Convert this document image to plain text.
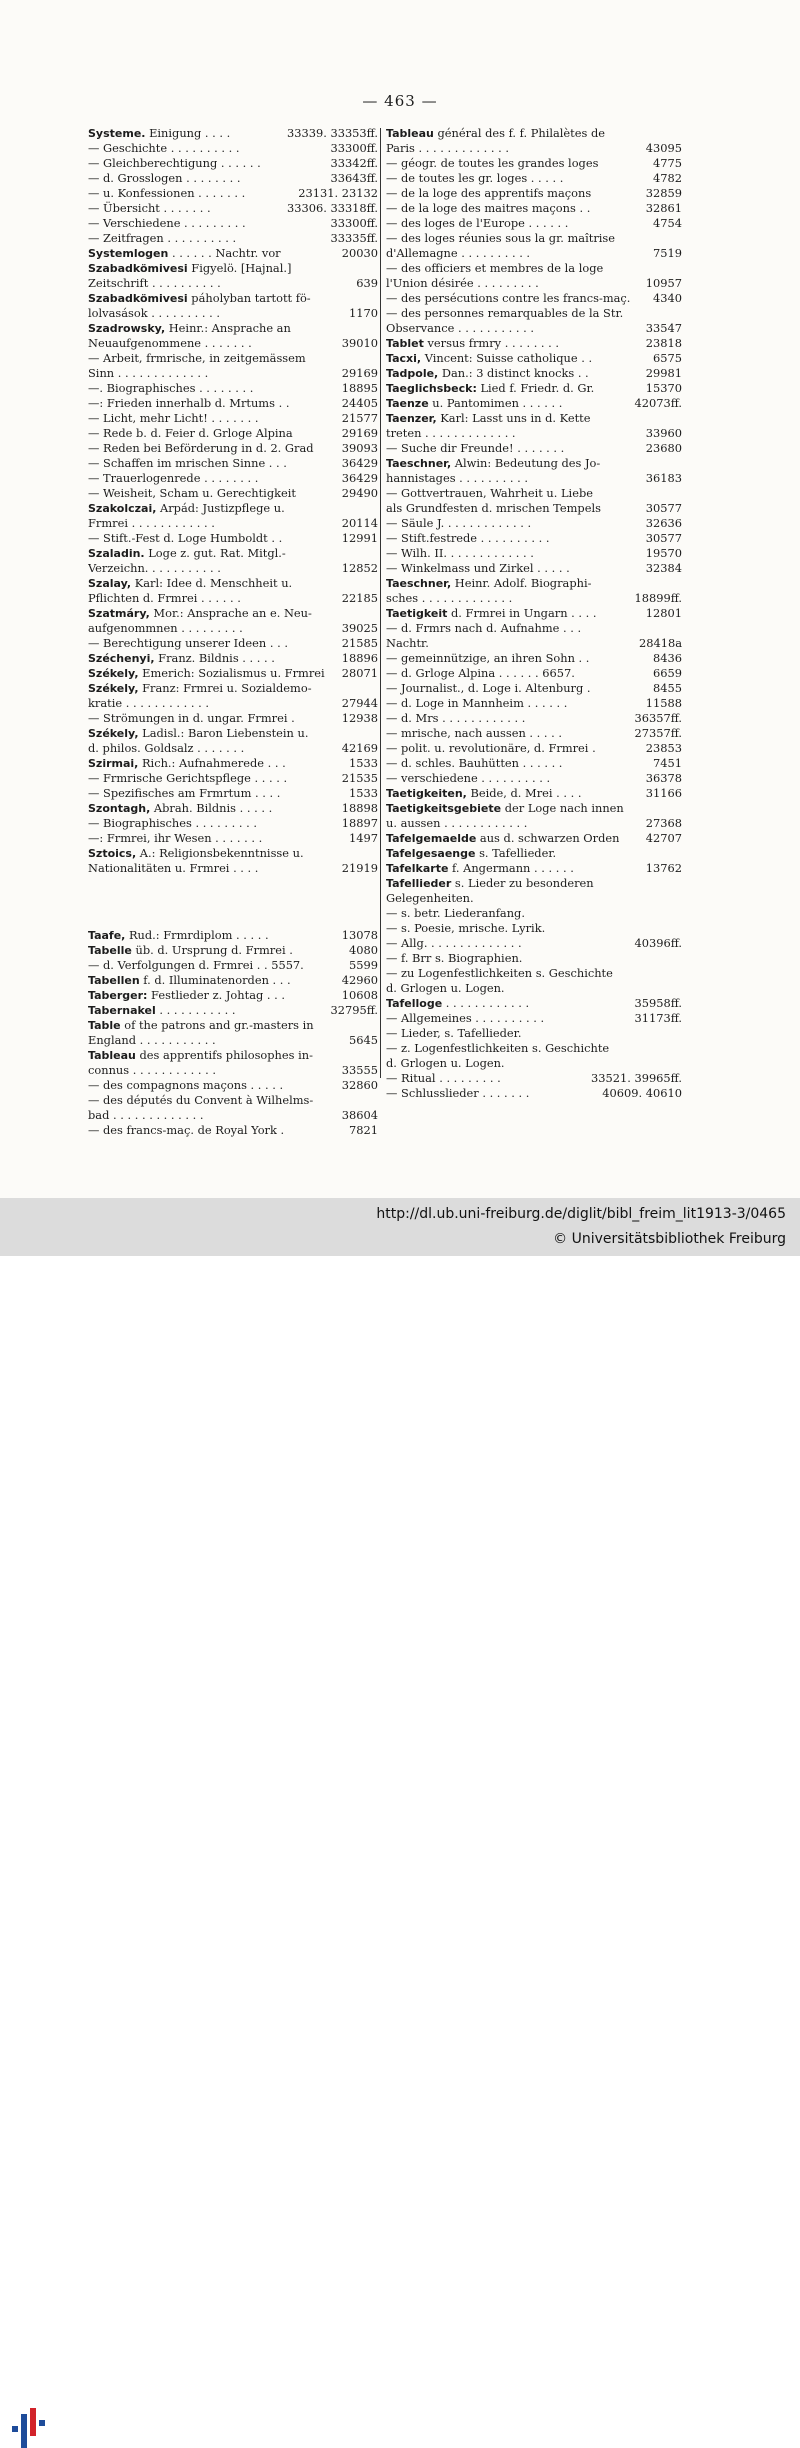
— 463 —
Systeme. Einigung . . . .	33339. 33353ff.
— Geschichte . . . . . . . . . .	33300ff.
— Gleichberechtigung . . . . . .	33342ff.
— d. Grosslogen . . . . . . . .	33643ff.
— u. Konfessionen . . . . . . .	23131. 23132
— Übersicht . . . . . . .	33306. 33318ff.
— Verschiedene . . . . . . . . .	33300ff.
— Zeitfragen . . . . . . . . . .	33335ff.
Systemlogen . . . . . . Nachtr. vor	20030
Szabadkömivesi Figyelö. [Hajnal.]
Zeitschrift . . . . . . . . . .	639
Szabadkömivesi páholyban tartott fö-
lolvasások . . . . . . . . . .	1170
Szadrowsky, Heinr.: Ansprache an
Neuaufgenommene . . . . . . .	39010
— Arbeit, frmrische, in zeitgemässem
Sinn . . . . . . . . . . . . .	29169
—. Biographisches . . . . . . . .	18895
—: Frieden innerhalb d. Mrtums . .	24405
— Licht, mehr Licht! . . . . . . .	21577
— Rede b. d. Feier d. Grloge Alpina	29169
— Reden bei Beförderung in d. 2. Grad 39093
— Schaffen im mrischen Sinne . . .	36429
— Trauerlogenrede . . . . . . . .	36429
— Weisheit, Scham u. Gerechtigkeit	29490
Szakolczai, Arpád: Justizpflege u.
Frmrei . . . . . . . . . . . .	20114
— Stift.-Fest d. Loge Humboldt . .	12991
Szaladin. Loge z. gut. Rat. Mitgl.-
Verzeichn. . . . . . . . . . .	12852
Szalay, Karl: Idee d. Menschheit u.
Pflichten d. Frmrei . . . . . .	22185
Szatmáry, Mor.: Ansprache an e. Neu-
aufgenommnen . . . . . . . . .	39025
— Berechtigung unserer Ideen . . .	21585
Széchenyi, Franz. Bildnis . . . . .	18896
Székely, Emerich: Sozialismus u. Frmrei 28071
Székely, Franz: Frmrei u. Sozialdemo-
kratie . . . . . . . . . . . .	27944
— Strömungen in d. ungar. Frmrei .	12938
Székely, Ladisl.: Baron Liebenstein u.
d. philos. Goldsalz . . . . . . .	42169
Szirmai, Rich.: Aufnahmerede . . .	1533
— Frmrische Gerichtspflege . . . . .	21535
— Spezifisches am Frmrtum . . . .	1533
Szontagh, Abrah. Bildnis . . . . .	18898
— Biographisches . . . . . . . . .	18897
—: Frmrei, ihr Wesen . . . . . . .	1497
Sztoics, A.: Religionsbekenntnisse u.
Nationalitäten u. Frmrei . . . .	21919
Taafe, Rud.: Frmrdiplom . . . . .	13078
Tabelle üb. d. Ursprung d. Frmrei .	4080
— d. Verfolgungen d. Frmrei . . 5557.	5599
Tabellen f. d. Illuminatenorden . . .	42960
Taberger: Festlieder z. Johtag . . .	10608
Tabernakel . . . . . . . . . . .	32795ff.
Table of the patrons and gr.-masters in
England . . . . . . . . . . .	5645
Tableau des apprentifs philosophes in-
connus . . . . . . . . . . . .	33555
— des compagnons maçons . . . . .	32860
— des députés du Convent à Wilhelms-
bad . . . . . . . . . . . . .	38604
— des francs-maç. de Royal York .	7821
Tableau général des f. f. Philalètes de
Paris . . . . . . . . . . . . .	43095
— géogr. de toutes les grandes loges	4775
— de toutes les gr. loges . . . . .	4782
— de la loge des apprentifs maçons	32859
— de la loge des maitres maçons . .	32861
— des loges de l'Europe . . . . . .	4754
— des loges réunies sous la gr. maîtrise
d'Allemagne . . . . . . . . . .	7519
— des officiers et membres de la loge
l'Union désirée . . . . . . . . .	10957
— des persécutions contre les francs-maç. 4340
— des personnes remarquables de la Str.
Observance . . . . . . . . . . .	33547
Tablet versus frmry . . . . . . . .	23818
Tacxi, Vincent: Suisse catholique . .	6575
Tadpole, Dan.: 3 distinct knocks . .	29981
Taeglichsbeck: Lied f. Friedr. d. Gr.	15370
Taenze u. Pantomimen . . . . . .	42073ff.
Taenzer, Karl: Lasst uns in d. Kette
treten . . . . . . . . . . . . .	33960
— Suche dir Freunde! . . . . . . .	23680
Taeschner, Alwin: Bedeutung des Jo-
hannistages . . . . . . . . . .	36183
— Gottvertrauen, Wahrheit u. Liebe
als Grundfesten d. mrischen Tempels	30577
— Säule J. . . . . . . . . . . . .	32636
— Stift.festrede . . . . . . . . . .	30577
— Wilh. II. . . . . . . . . . . . .	19570
— Winkelmass und Zirkel . . . . .	32384
Taeschner, Heinr. Adolf. Biographi-
sches . . . . . . . . . . . . .	18899ff.
Taetigkeit d. Frmrei in Ungarn . . . .	12801
— d. Frmrs nach d. Aufnahme . . .
Nachtr.	28418a
— gemeinnützige, an ihren Sohn . .	8436
— d. Grloge Alpina . . . . . . 6657.	6659
— Journalist., d. Loge i. Altenburg .	8455
— d. Loge in Mannheim . . . . . .	11588
— d. Mrs . . . . . . . . . . . .	36357ff.
— mrische, nach aussen . . . . .	27357ff.
— polit. u. revolutionäre, d. Frmrei .	23853
— d. schles. Bauhütten . . . . . .	7451
— verschiedene . . . . . . . . . .	36378
Taetigkeiten, Beide, d. Mrei . . . .	31166
Taetigkeitsgebiete der Loge nach innen
u. aussen . . . . . . . . . . . .	27368
Tafelgemaelde aus d. schwarzen Orden 42707
Tafelgesaenge s. Tafellieder.
Tafelkarte f. Angermann . . . . . .	13762
Tafellieder s. Lieder zu besonderen
Gelegenheiten.
— s. betr. Liederanfang.
— s. Poesie, mrische. Lyrik.
— Allg. . . . . . . . . . . . . .	40396ff.
— f. Brr s. Biographien.
— zu Logenfestlichkeiten s. Geschichte
d. Grlogen u. Logen.
Tafelloge . . . . . . . . . . . .	35958ff.
— Allgemeines . . . . . . . . . .	31173ff.
— Lieder, s. Tafellieder.
— z. Logenfestlichkeiten s. Geschichte
d. Grlogen u. Logen.
— Ritual . . . . . . . . .	33521. 39965ff.
— Schlusslieder . . . . . . .	40609. 40610
http://dl.ub.uni-freiburg.de/diglit/bibl_freim_lit1913-3/0465
© Universitätsbibliothek Freiburg
